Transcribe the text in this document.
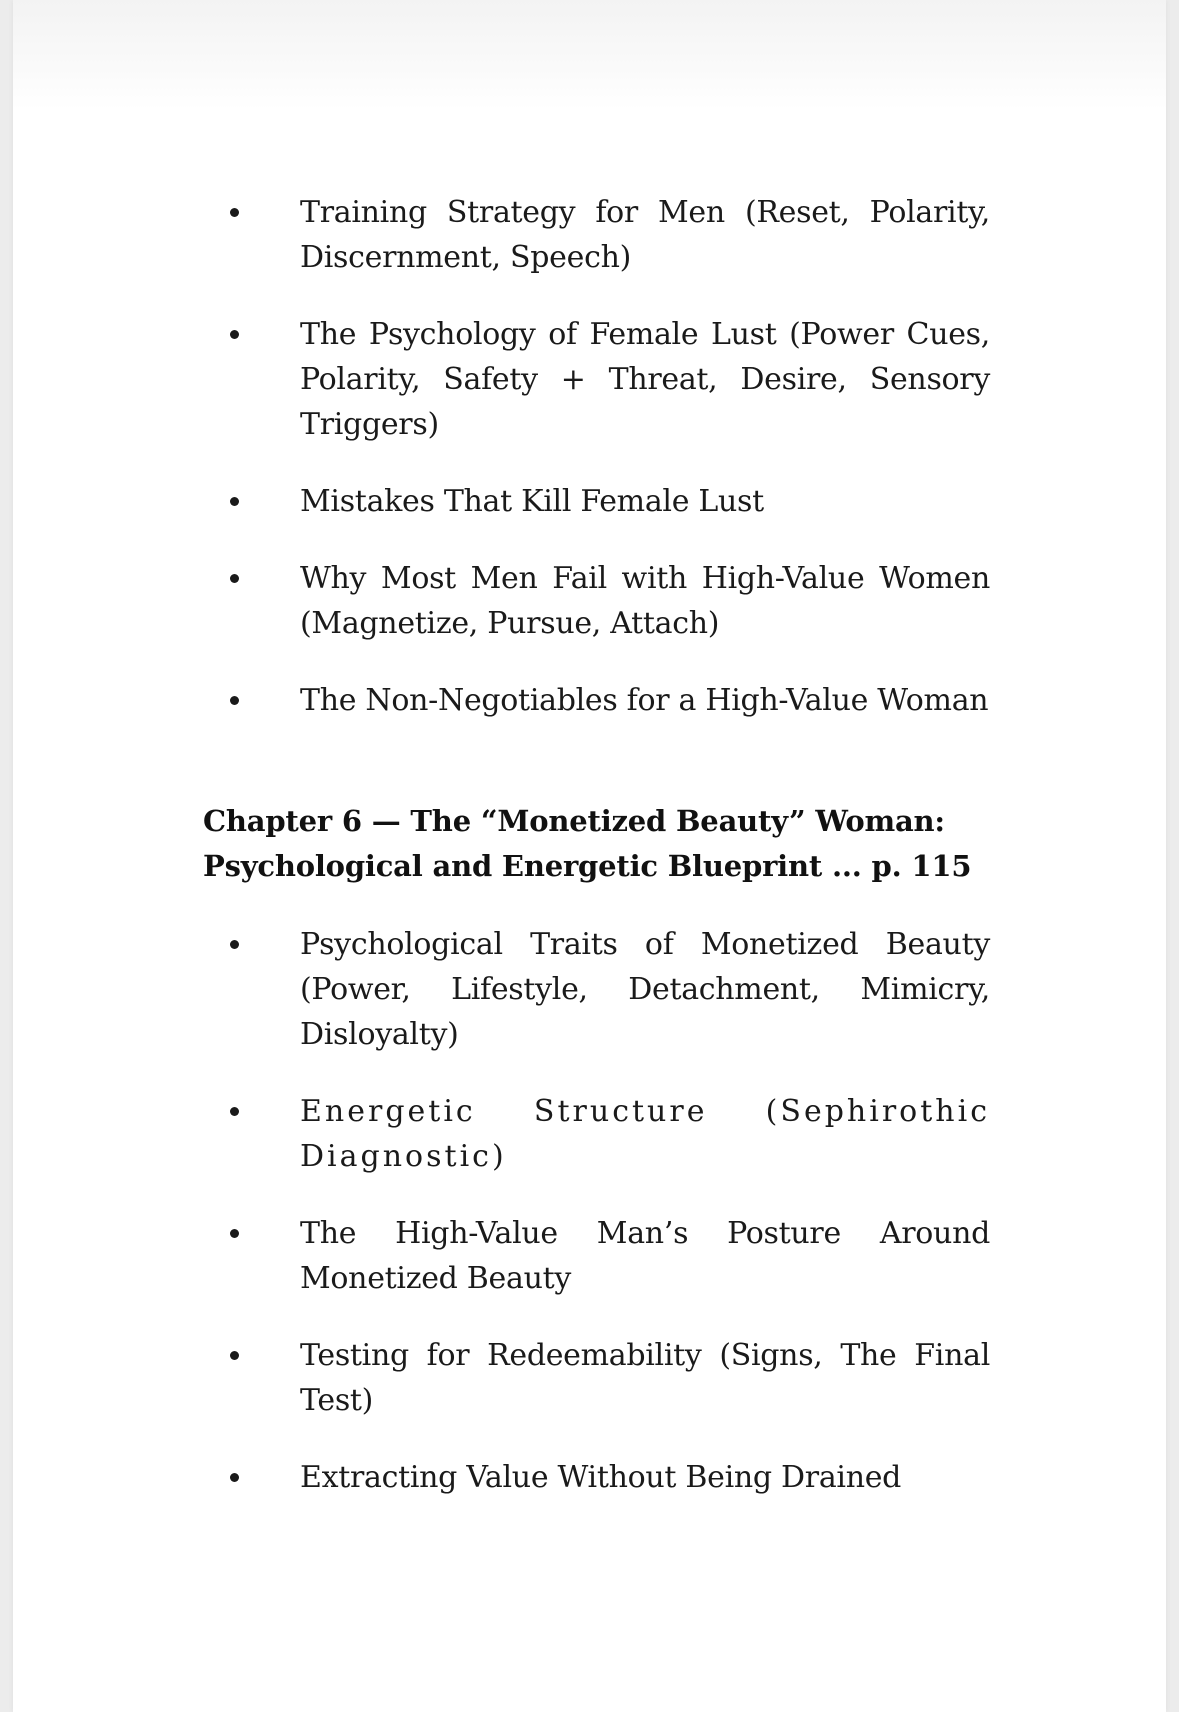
Training Strategy for Men (Reset, Polarity, Discernment, Speech)
The Psychology of Female Lust (Power Cues, Polarity, Safety + Threat, Desire, Sensory Triggers)
Mistakes That Kill Female Lust
Why Most Men Fail with High-Value Women (Magnetize, Pursue, Attach)
The Non-Negotiables for a High-Value Woman
Chapter 6 — The “Monetized Beauty” Woman:
Psychological and Energetic Blueprint ... p. 115
Psychological Traits of Monetized Beauty (Power, Lifestyle, Detachment, Mimicry, Disloyalty)
Energetic Structure (Sephirothic Diagnostic)
The High-Value Man’s Posture Around Monetized Beauty
Testing for Redeemability (Signs, The Final Test)
Extracting Value Without Being Drained
